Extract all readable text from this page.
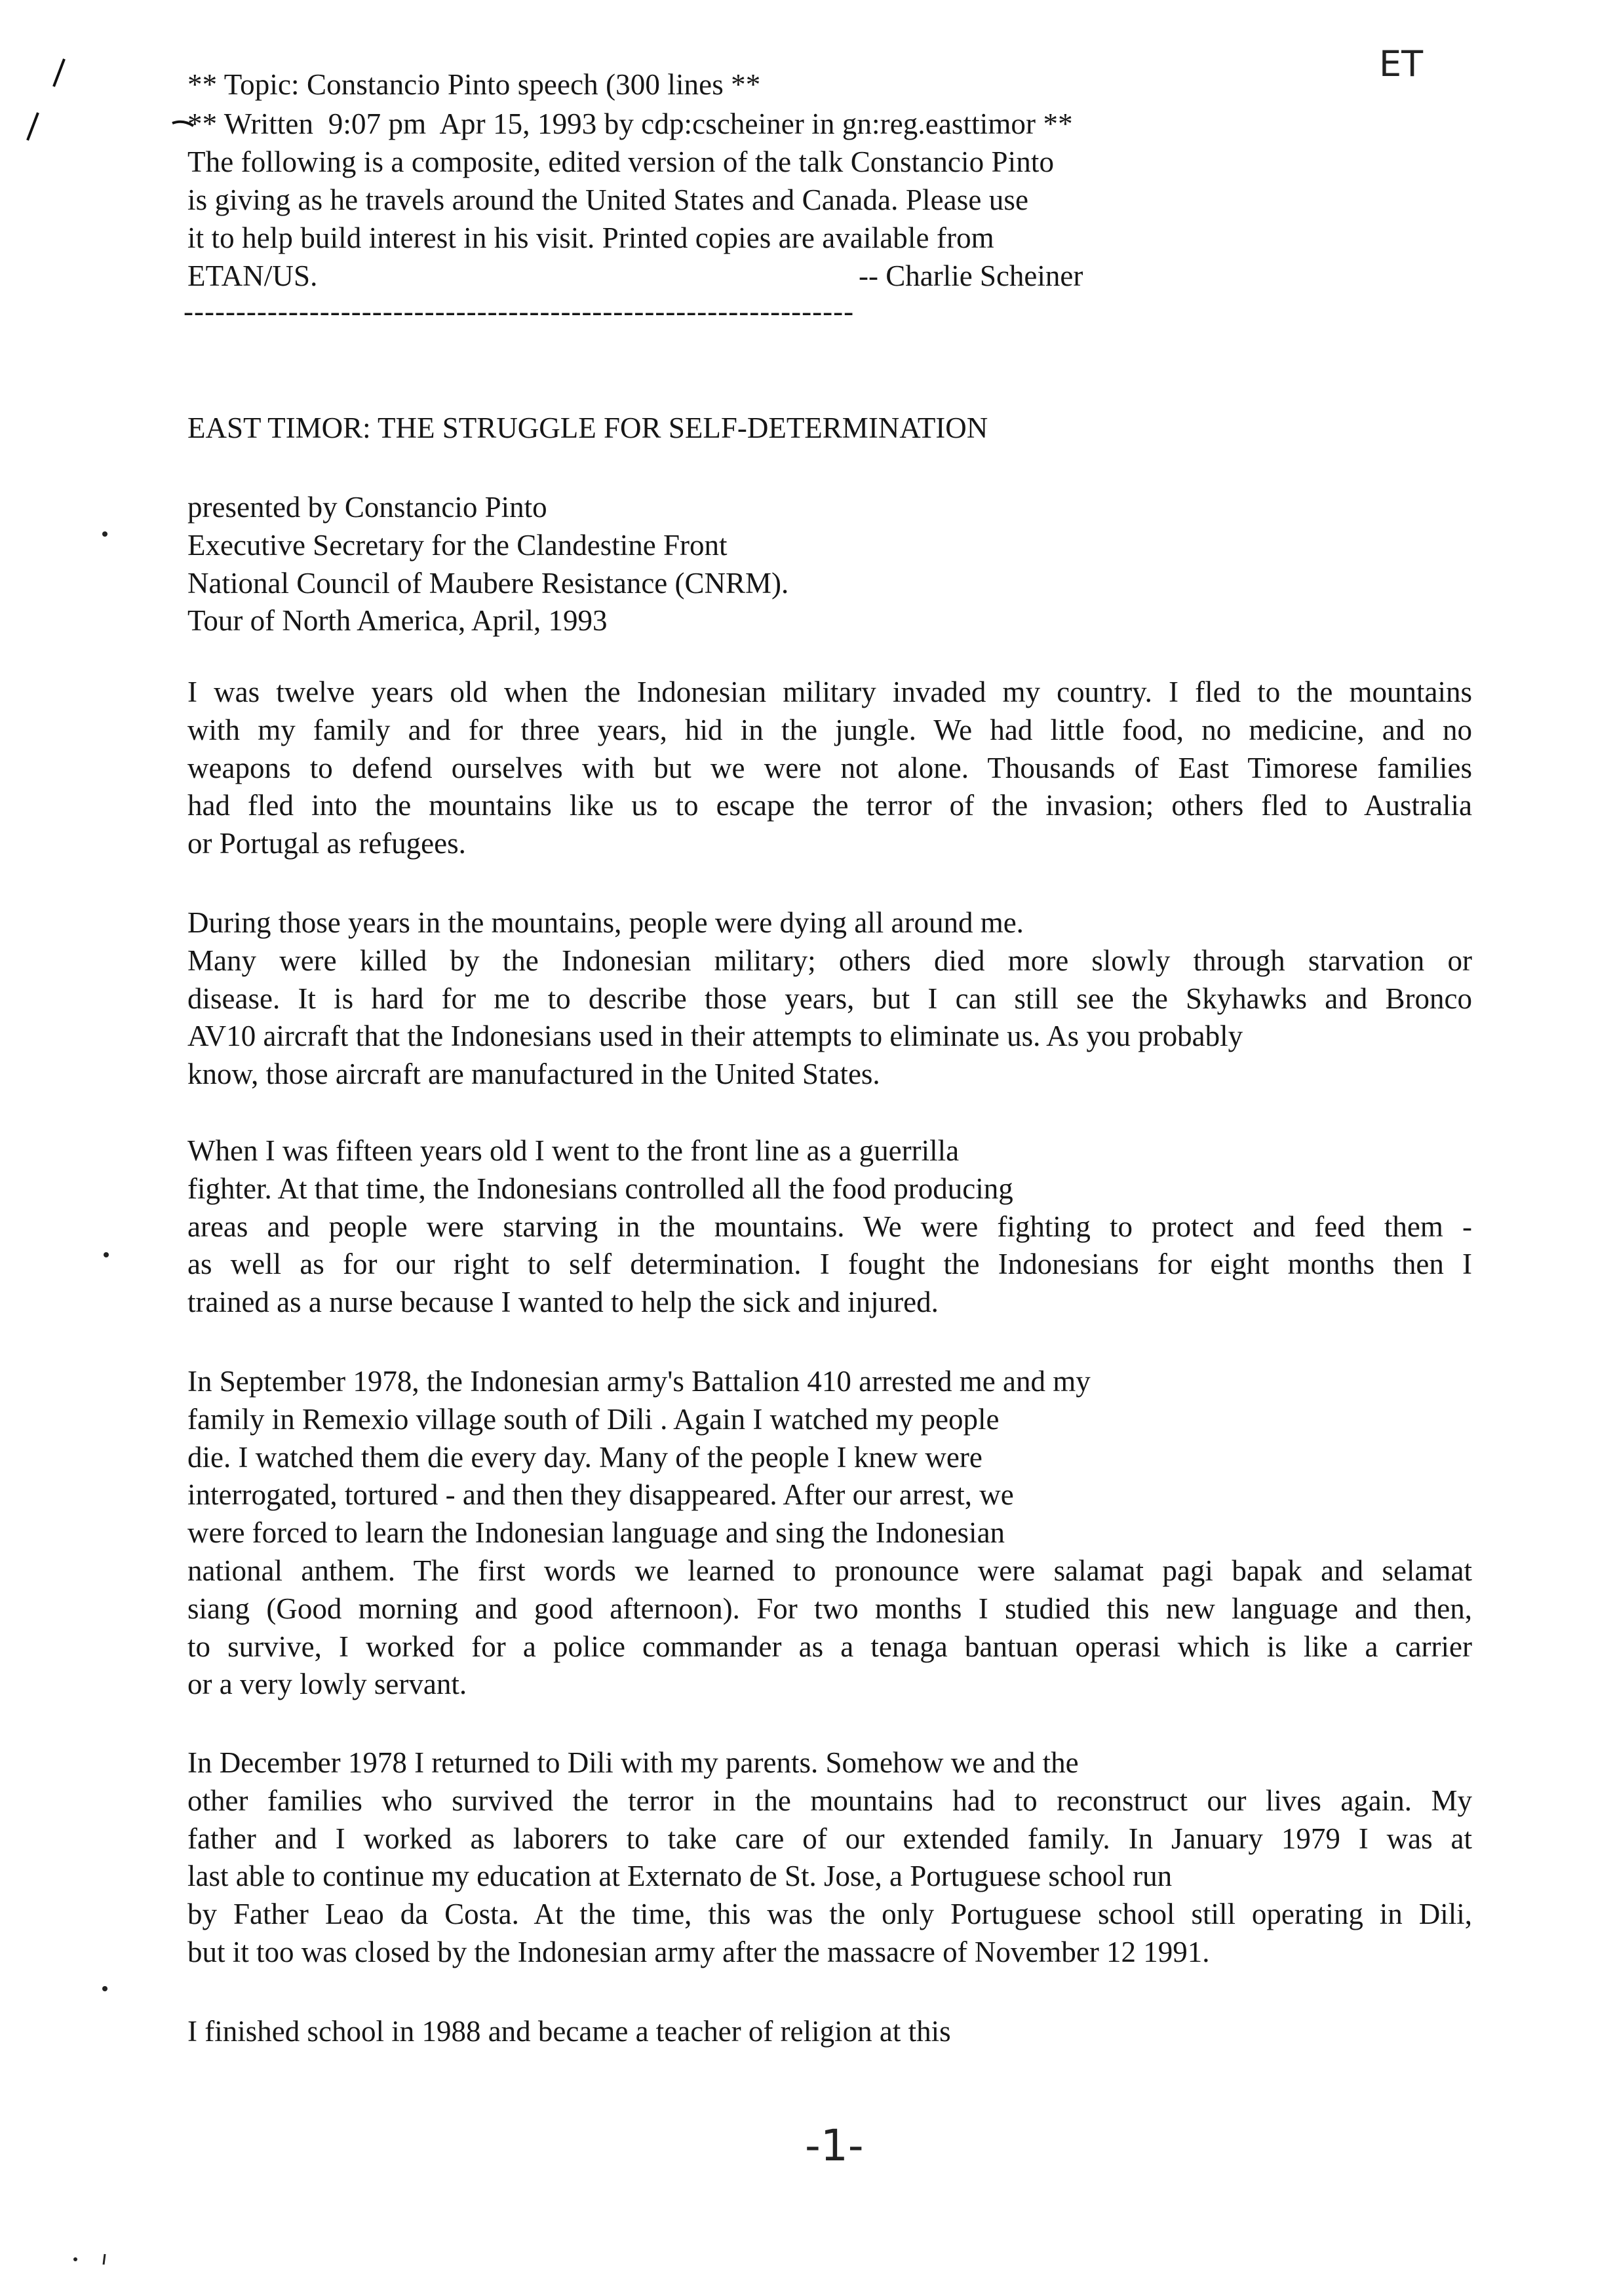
ET
** Topic: Constancio Pinto speech (300 lines **
** Written  9:07 pm  Apr 15, 1993 by cdp:cscheiner in gn:reg.easttimor **
The following is a composite, edited version of the talk Constancio Pinto
is giving as he travels around the United States and Canada. Please use
it to help build interest in his visit. Printed copies are available from
ETAN/US.	-- Charlie Scheiner
----------------------------------------------------------------
EAST TIMOR: THE STRUGGLE FOR SELF-DETERMINATION
presented by Constancio Pinto
Executive Secretary for the Clandestine Front
National Council of Maubere Resistance (CNRM).
Tour of North America, April, 1993
I was twelve years old when the Indonesian military invaded my country. I fled to the mountains
with my family and for three years, hid in the jungle. We had little food, no medicine, and no
weapons to defend ourselves with but we were not alone. Thousands of East Timorese families
had fled into the mountains like us to escape the terror of the invasion; others fled to Australia
or Portugal as refugees.
During those years in the mountains, people were dying all around me.
Many were killed by the Indonesian military; others died more slowly through starvation or
disease. It is hard for me to describe those years, but I can still see the Skyhawks and Bronco
AV10 aircraft that the Indonesians used in their attempts to eliminate us. As you probably
know, those aircraft are manufactured in the United States.
When I was fifteen years old I went to the front line as a guerrilla
fighter. At that time, the Indonesians controlled all the food producing
areas and people were starving in the mountains. We were fighting to protect and feed them -
as well as for our right to self determination. I fought the Indonesians for eight months then I
trained as a nurse because I wanted to help the sick and injured.
In September 1978, the Indonesian army's Battalion 410 arrested me and my
family in Remexio village south of Dili . Again I watched my people
die. I watched them die every day. Many of the people I knew were
interrogated, tortured - and then they disappeared. After our arrest, we
were forced to learn the Indonesian language and sing the Indonesian
national anthem. The first words we learned to pronounce were salamat pagi bapak and selamat
siang (Good morning and good afternoon). For two months I studied this new language and then,
to survive, I worked for a police commander as a tenaga bantuan operasi which is like a carrier
or a very lowly servant.
In December 1978 I returned to Dili with my parents. Somehow we and the
other families who survived the terror in the mountains had to reconstruct our lives again. My
father and I worked as laborers to take care of our extended family. In January 1979 I was at
last able to continue my education at Externato de St. Jose, a Portuguese school run
by Father Leao da Costa. At the time, this was the only Portuguese school still operating in Dili,
but it too was closed by the Indonesian army after the massacre of November 12 1991.
I finished school in 1988 and became a teacher of religion at this
-1-
